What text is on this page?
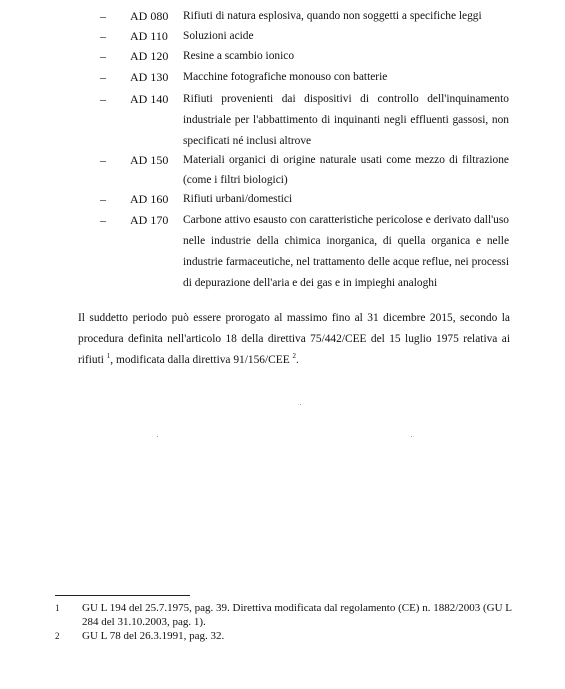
– AD 080 Rifiuti di natura esplosiva, quando non soggetti a specifiche leggi
– AD 110 Soluzioni acide
– AD 120 Resine a scambio ionico
– AD 130 Macchine fotografiche monouso con batterie
– AD 140 Rifiuti provenienti dai dispositivi di controllo dell'inquinamento industriale per l'abbattimento di inquinanti negli effluenti gassosi, non specificati né inclusi altrove
– AD 150 Materiali organici di origine naturale usati come mezzo di filtrazione (come i filtri biologici)
– AD 160 Rifiuti urbani/domestici
– AD 170 Carbone attivo esausto con caratteristiche pericolose e derivato dall'uso nelle industrie della chimica inorganica, di quella organica e nelle industrie farmaceutiche, nel trattamento delle acque reflue, nei processi di depurazione dell'aria e dei gas e in impieghi analoghi
Il suddetto periodo può essere prorogato al massimo fino al 31 dicembre 2015, secondo la procedura definita nell'articolo 18 della direttiva 75/442/CEE del 15 luglio 1975 relativa ai rifiuti $^1$, modificata dalla direttiva 91/156/CEE $^2$.
1 GU L 194 del 25.7.1975, pag. 39. Direttiva modificata dal regolamento (CE) n. 1882/2003 (GU L 284 del 31.10.2003, pag. 1).
2 GU L 78 del 26.3.1991, pag. 32.
